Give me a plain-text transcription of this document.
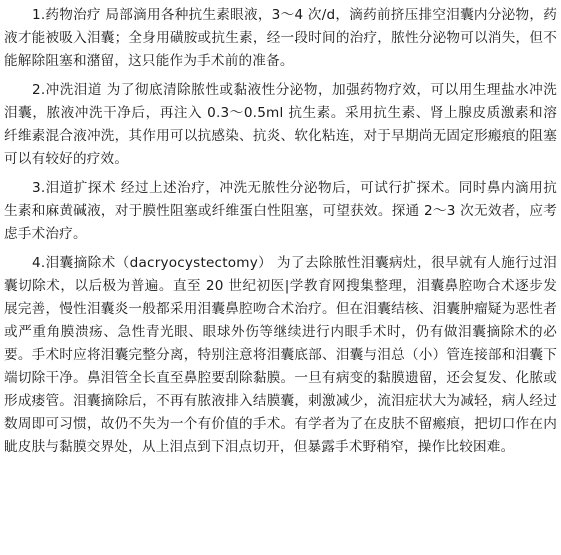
1.药物治疗 局部滴用各种抗生素眼液，3～4 次/d，滴药前挤压排空泪囊内分泌物，药液才能被吸入泪囊；全身用磺胺或抗生素，经一段时间的治疗，脓性分泌物可以消失，但不能解除阻塞和潴留，这只能作为手术前的准备。

2.冲洗泪道 为了彻底清除脓性或黏液性分泌物，加强药物疗效，可以用生理盐水冲洗泪囊，脓液冲洗干净后，再注入 0.3～0.5ml 抗生素。采用抗生素、肾上腺皮质激素和溶纤维素混合液冲洗，其作用可以抗感染、抗炎、软化粘连，对于早期尚无固定形瘢痕的阻塞可以有较好的疗效。

3.泪道扩探术 经过上述治疗，冲洗无脓性分泌物后，可试行扩探术。同时鼻内滴用抗生素和麻黄碱液，对于膜性阻塞或纤维蛋白性阻塞，可望获效。探通 2～3 次无效者，应考虑手术治疗。

4.泪囊摘除术（dacryocystectomy） 为了去除脓性泪囊病灶，很早就有人施行过泪囊切除术，以后极为普遍。直至 20 世纪初医|学教育网搜集整理，泪囊鼻腔吻合术逐步发展完善，慢性泪囊炎一般都采用泪囊鼻腔吻合术治疗。但在泪囊结核、泪囊肿瘤疑为恶性者或严重角膜溃疡、急性青光眼、眼球外伤等继续进行内眼手术时，仍有做泪囊摘除术的必要。手术时应将泪囊完整分离，特别注意将泪囊底部、泪囊与泪总（小）管连接部和泪囊下端切除干净。鼻泪管全长直至鼻腔要刮除黏膜。一旦有病变的黏膜遗留，还会复发、化脓或形成瘘管。泪囊摘除后，不再有脓液排入结膜囊，刺激减少，流泪症状大为减轻，病人经过数周即可习惯，故仍不失为一个有价值的手术。有学者为了在皮肤不留瘢痕，把切口作在内眦皮肤与黏膜交界处，从上泪点到下泪点切开，但暴露手术野稍窄，操作比较困难。
